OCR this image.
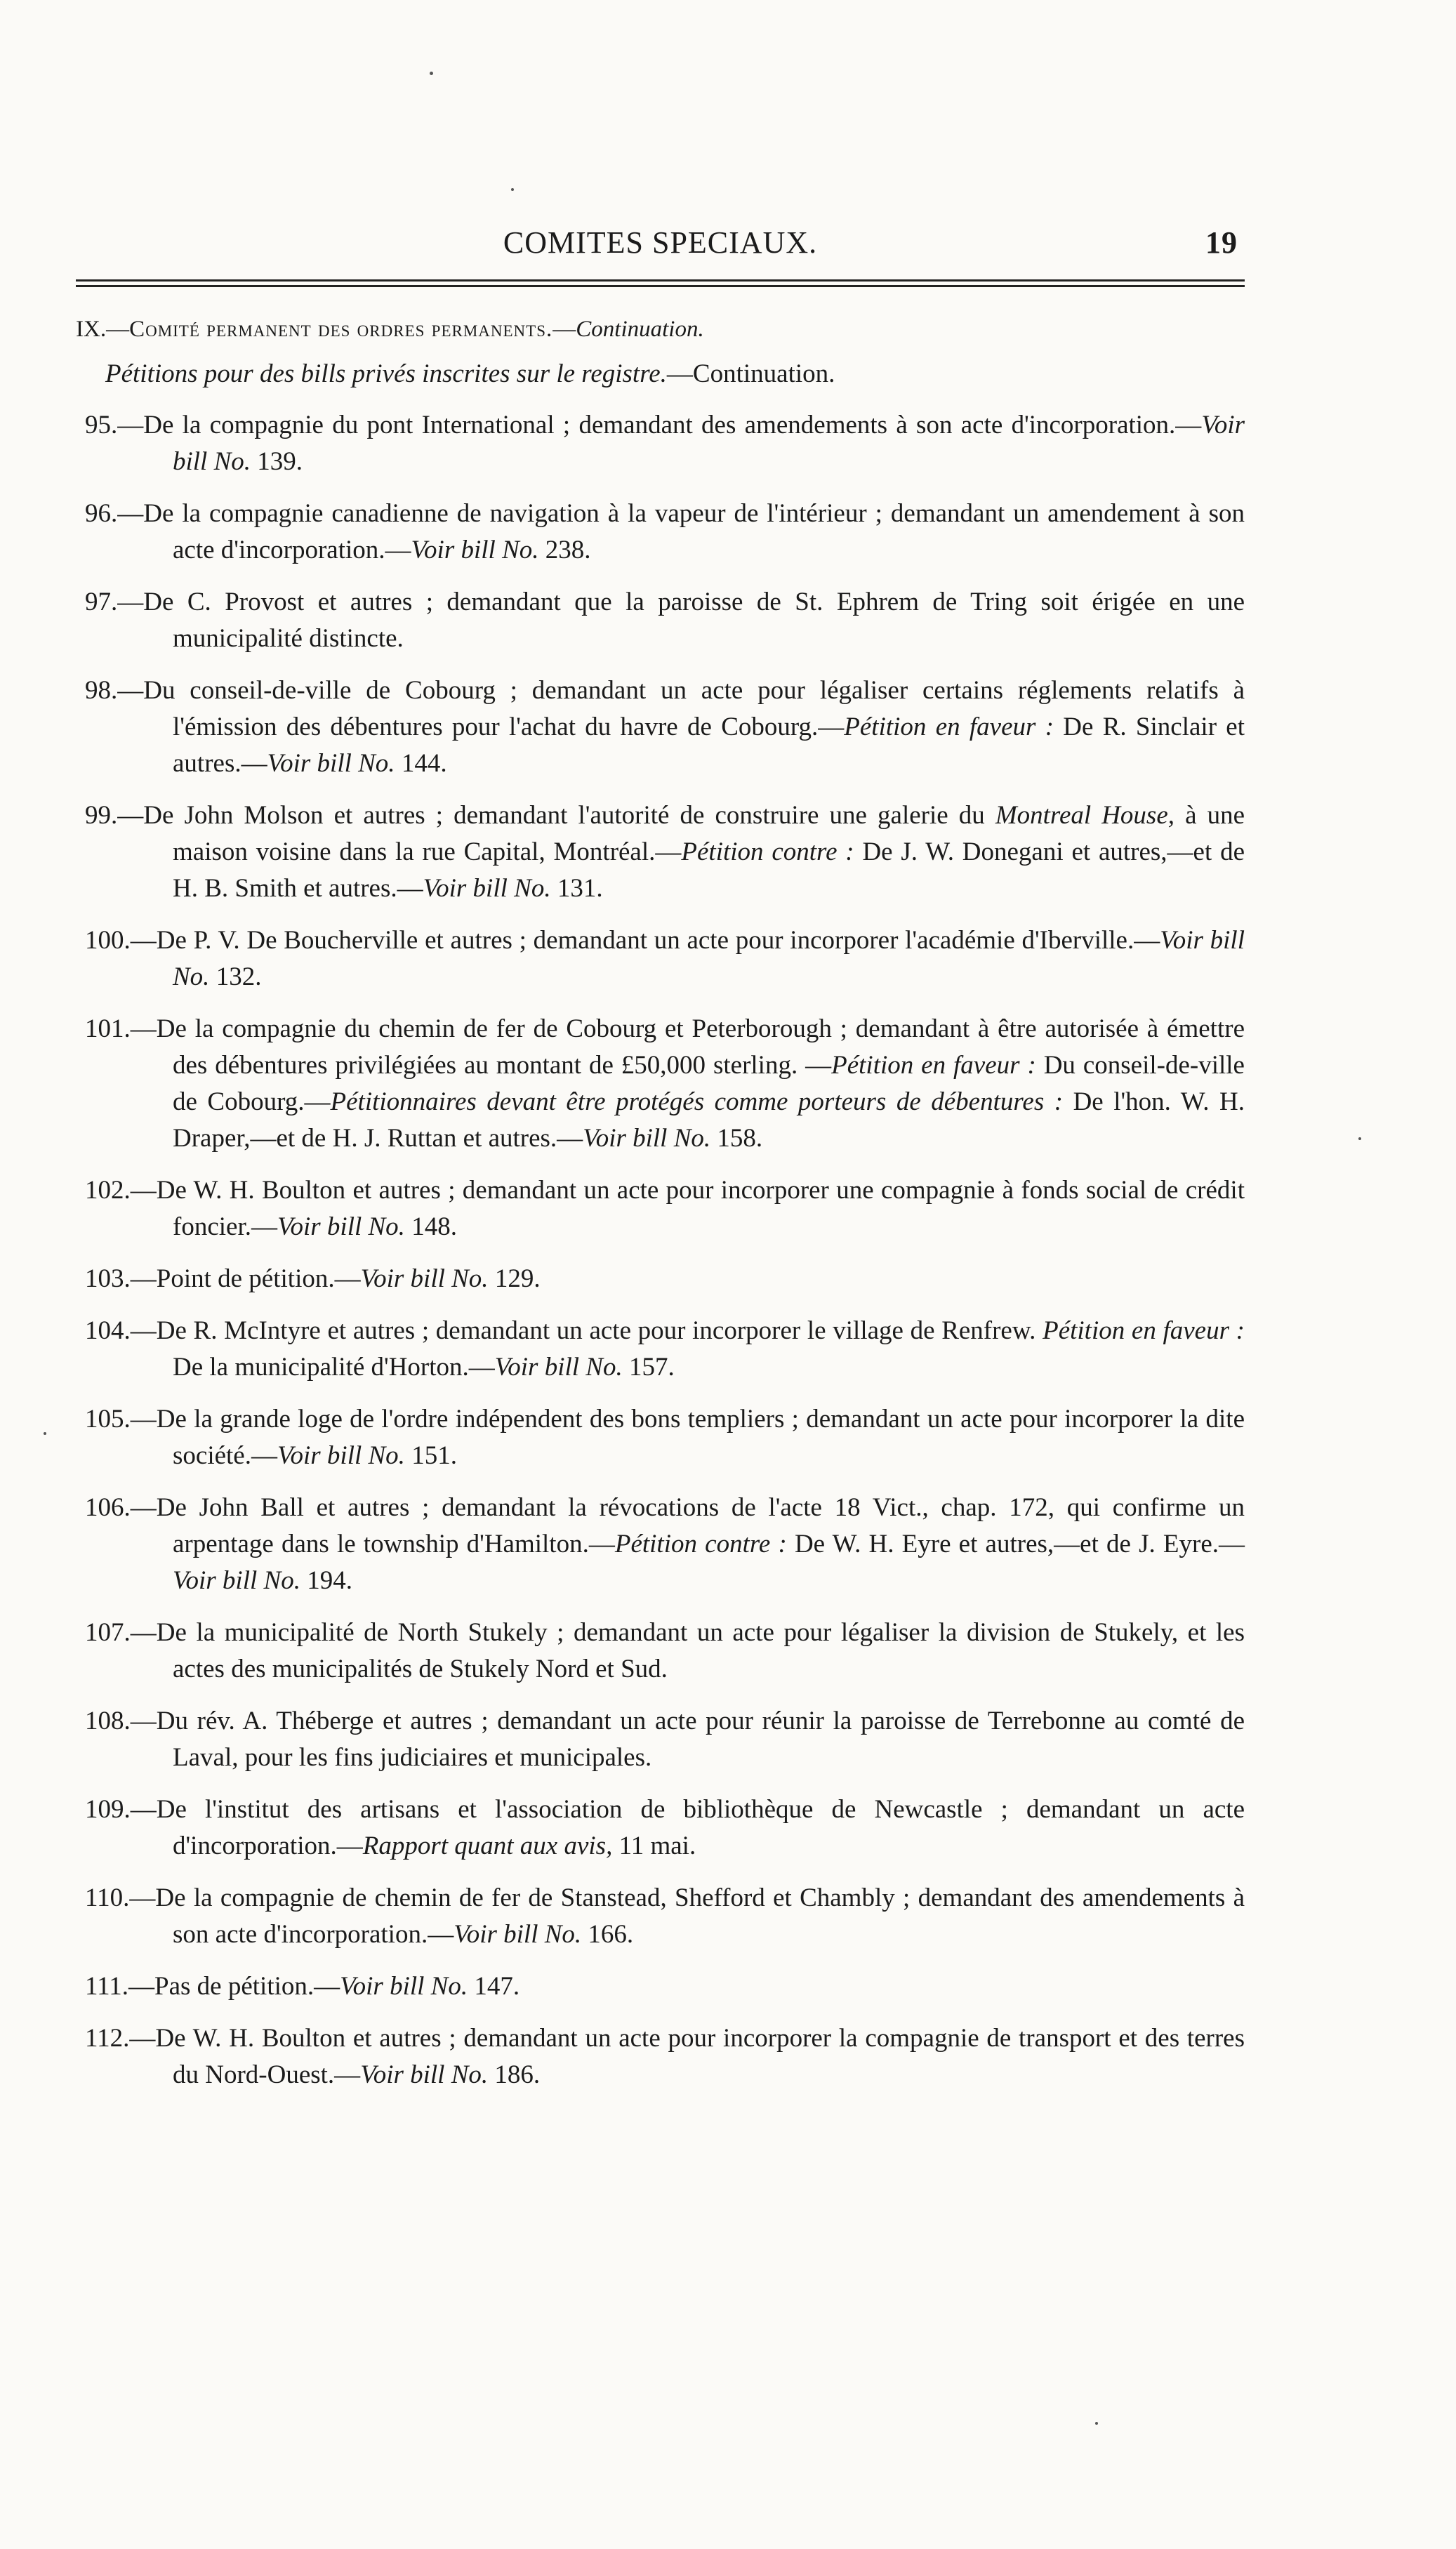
COMITES SPECIAUX.	19
IX.—Comité permanent des ordres permanents.—Continuation.
Pétitions pour des bills privés inscrites sur le registre.—Continuation.
95.—De la compagnie du pont International ; demandant des amendements à son acte d'incorporation.—Voir bill No. 139.
96.—De la compagnie canadienne de navigation à la vapeur de l'intérieur ; demandant un amendement à son acte d'incorporation.—Voir bill No. 238.
97.—De C. Provost et autres ; demandant que la paroisse de St. Ephrem de Tring soit érigée en une municipalité distincte.
98.—Du conseil-de-ville de Cobourg ; demandant un acte pour légaliser certains réglements relatifs à l'émission des débentures pour l'achat du havre de Cobourg.—Pétition en faveur : De R. Sinclair et autres.—Voir bill No. 144.
99.—De John Molson et autres ; demandant l'autorité de construire une galerie du Montreal House, à une maison voisine dans la rue Capital, Montréal.—Pétition contre : De J. W. Donegani et autres,—et de H. B. Smith et autres.—Voir bill No. 131.
100.—De P. V. De Boucherville et autres ; demandant un acte pour incorporer l'académie d'Iberville.—Voir bill No. 132.
101.—De la compagnie du chemin de fer de Cobourg et Peterborough ; demandant à être autorisée à émettre des débentures privilégiées au montant de £50,000 sterling. —Pétition en faveur : Du conseil-de-ville de Cobourg.—Pétitionnaires devant être protégés comme porteurs de débentures : De l'hon. W. H. Draper,—et de H. J. Ruttan et autres.—Voir bill No. 158.
102.—De W. H. Boulton et autres ; demandant un acte pour incorporer une compagnie à fonds social de crédit foncier.—Voir bill No. 148.
103.—Point de pétition.—Voir bill No. 129.
104.—De R. McIntyre et autres ; demandant un acte pour incorporer le village de Renfrew. Pétition en faveur : De la municipalité d'Horton.—Voir bill No. 157.
105.—De la grande loge de l'ordre indépendent des bons templiers ; demandant un acte pour incorporer la dite société.—Voir bill No. 151.
106.—De John Ball et autres ; demandant la révocations de l'acte 18 Vict., chap. 172, qui confirme un arpentage dans le township d'Hamilton.—Pétition contre : De W. H. Eyre et autres,—et de J. Eyre.—Voir bill No. 194.
107.—De la municipalité de North Stukely ; demandant un acte pour légaliser la division de Stukely, et les actes des municipalités de Stukely Nord et Sud.
108.—Du rév. A. Théberge et autres ; demandant un acte pour réunir la paroisse de Terrebonne au comté de Laval, pour les fins judiciaires et municipales.
109.—De l'institut des artisans et l'association de bibliothèque de Newcastle ; demandant un acte d'incorporation.—Rapport quant aux avis, 11 mai.
110.—De la compagnie de chemin de fer de Stanstead, Shefford et Chambly ; demandant des amendements à son acte d'incorporation.—Voir bill No. 166.
111.—Pas de pétition.—Voir bill No. 147.
112.—De W. H. Boulton et autres ; demandant un acte pour incorporer la compagnie de transport et des terres du Nord-Ouest.—Voir bill No. 186.
